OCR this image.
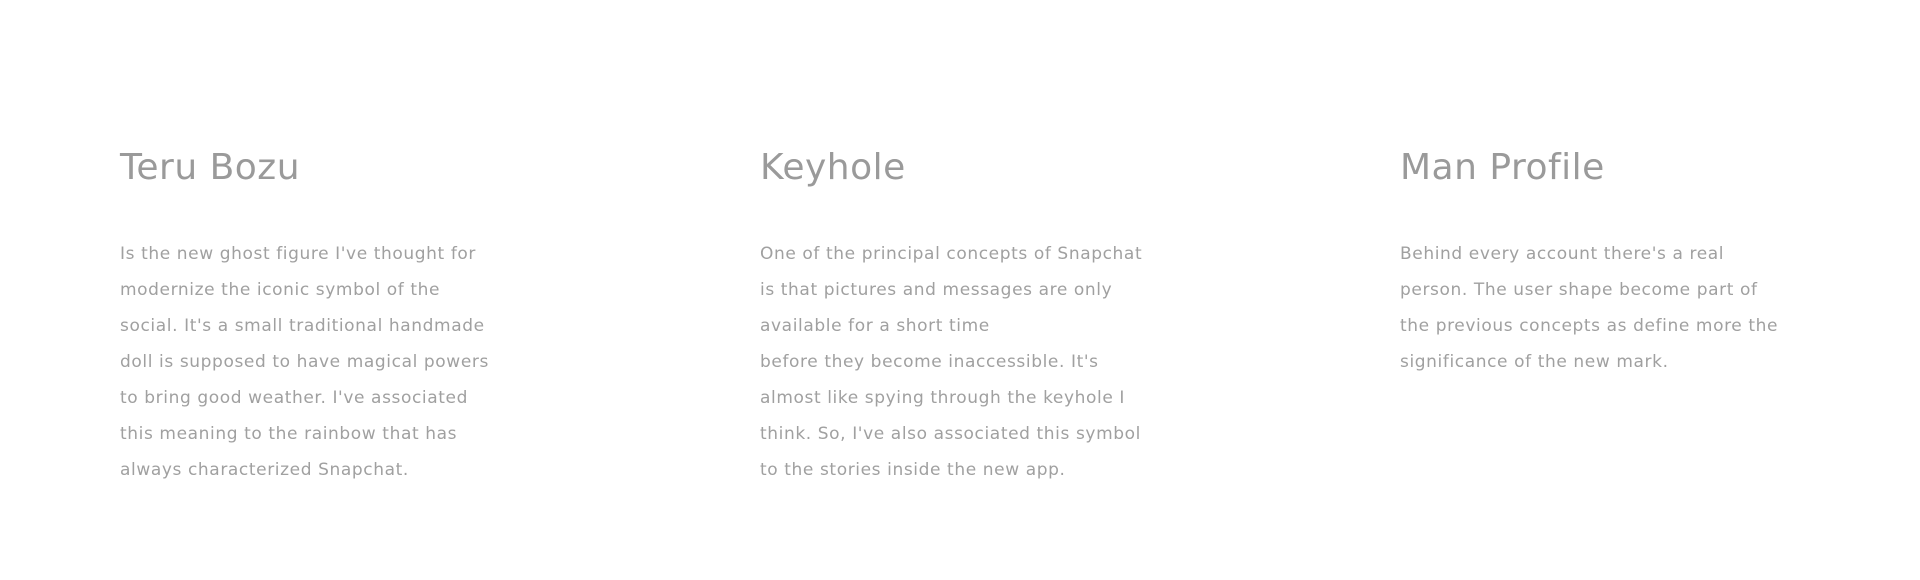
Teru Bozu
Is the new ghost figure I've thought for
modernize the iconic symbol of the
social. It's a small traditional handmade
doll is supposed to have magical powers
to bring good weather. I've associated
this meaning to the rainbow that has
always characterized Snapchat.
Keyhole
One of the principal concepts of Snapchat
is that pictures and messages are only
available for a short time
before they become inaccessible. It's
almost like spying through the keyhole I
think. So, I've also associated this symbol
to the stories inside the new app.
Man Profile
Behind every account there's a real
person. The user shape become part of
the previous concepts as define more the
significance of the new mark.
